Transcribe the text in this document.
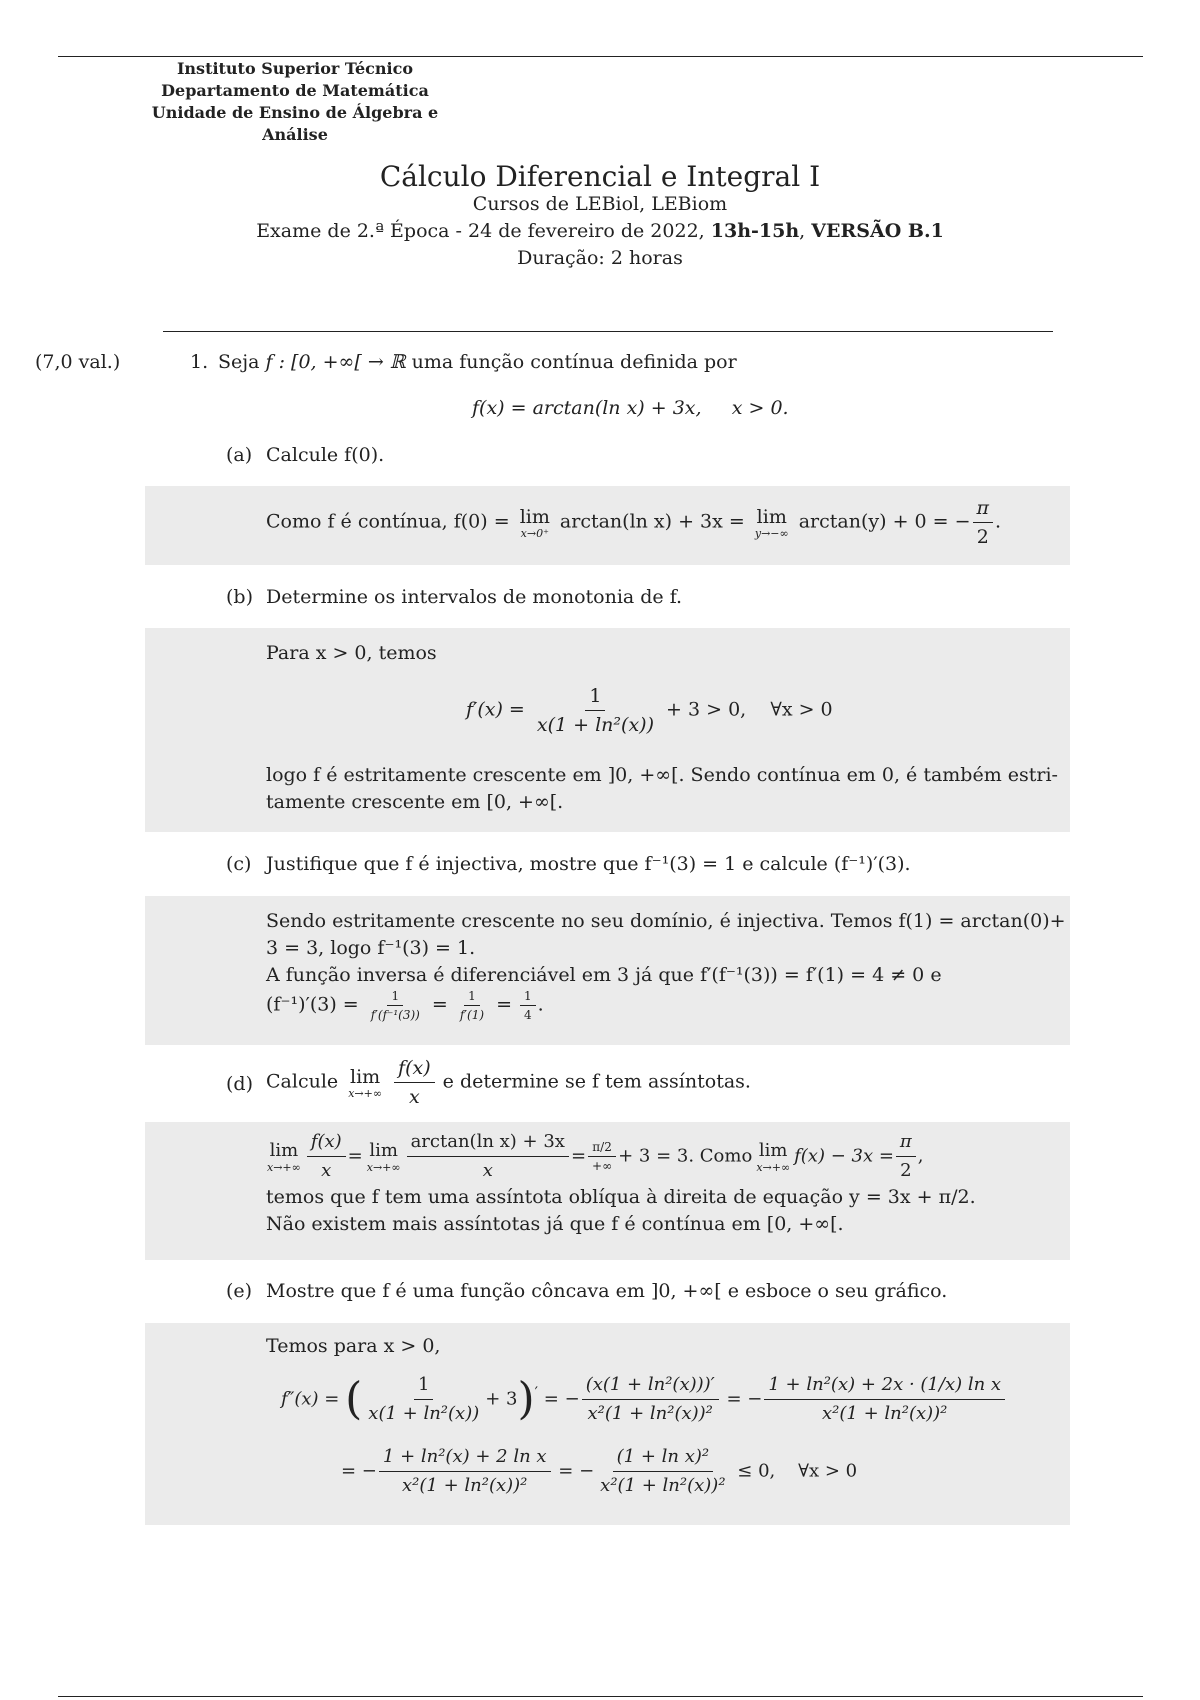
Instituto Superior Técnico
Departamento de Matemática
Unidade de Ensino de Álgebra e
Análise
Cálculo Diferencial e Integral I
Cursos de LEBiol, LEBiom
Exame de 2.ª Época - 24 de fevereiro de 2022, 13h-15h, VERSÃO B.1
Duração: 2 horas
(7,0 val.)	1. Seja f : [0, +∞[ → ℝ uma função contínua definida por
f(x) = arctan(ln x) + 3x,     x > 0.
(a) Calcule f(0).
Como f é contínua, f(0) = lim
x→0⁺
arctan(ln x) + 3x = lim
y→−∞
arctan(y) + 0 = − $\frac{\pi}{2}$ .
(b) Determine os intervalos de monotonia de f.
Para x > 0, temos
$f'(x) = \frac{1}{\text{x(1 + ln²(x))}} + 3 > 0$,    ∀x > 0
logo f é estritamente crescente em ]0, +∞[. Sendo contínua em 0, é também estri-
tamente crescente em [0, +∞[.
(c) Justifique que f é injectiva, mostre que f⁻¹(3) = 1 e calcule (f⁻¹)′(3).
Sendo estritamente crescente no seu domínio, é injectiva. Temos f(1) = arctan(0)+
3 = 3, logo f⁻¹(3) = 1.
A função inversa é diferenciável em 3 já que f′(f⁻¹(3)) = f′(1) = 4 ≠ 0 e
$(f^{-1})'(3) = \frac{1}{\text{f′(f⁻¹(3))}} = \frac{1}{f'(1)} = \frac{1}{4}$ .
(d) Calcule lim
x→+∞
$\frac{f(x)}{x}$ e determine se f tem assíntotas.
lim
$x\to+\infty \frac{f(x)}{x} = \lim$
$x\to+\infty \frac{\text{arctan(ln x) + 3x}}{x} = \frac{\pi/2}{+\infty} + 3 = 3$. Como lim
x→+∞
$f(x) - 3x = \frac{\pi}{2}$ ,
temos que f tem uma assíntota oblíqua à direita de equação y = 3x + π/2.
Não existem mais assíntotas já que f é contínua em [0, +∞[.
(e) Mostre que f é uma função côncava em ]0, +∞[ e esboce o seu gráfico.
Temos para x > 0,
f″(x) = ( $\frac{1}{\text{x(1 + ln²(x))}} + 3)'$ = − $\frac{\text{(x(1 + ln²(x)))′}}{\text{x²(1 + ln²(x))²}}$ = − $\frac{\text{1 + ln²(x) + 2x · (1/x) ln x}}{\text{x²(1 + ln²(x))²}}$
= − $\frac{\text{1 + ln²(x) + 2 ln x}}{\text{x²(1 + ln²(x))²}}$ = − $\frac{\text{(1 + ln x)²}}{\text{x²(1 + ln²(x))²}} \le 0$,    ∀x > 0
